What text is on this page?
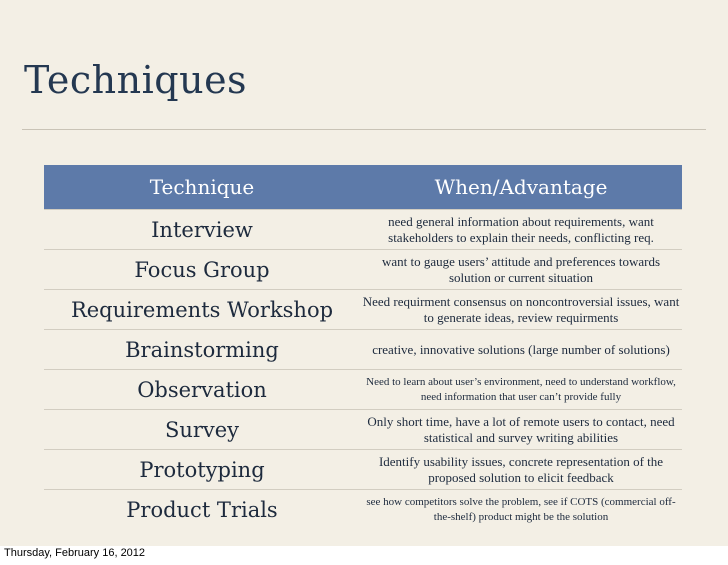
Techniques
Technique	When/Advantage
Interview	need general information about requirements, want stakeholders to explain their needs, conflicting req.
Focus Group	want to gauge users’ attitude and preferences towards solution or current situation
Requirements Workshop	Need requirment consensus on noncontroversial issues, want to generate ideas, review requirments
Brainstorming	creative, innovative solutions (large number of solutions)
Observation	Need to learn about user’s environment, need to understand workflow, need information that user can’t provide fully
Survey	Only short time, have a lot of remote users to contact, need statistical and survey writing abilities
Prototyping	Identify usability issues, concrete representation of the proposed solution to elicit feedback
Product Trials	see how competitors solve the problem, see if COTS (commercial off-the-shelf) product might be the solution
Thursday, February 16, 2012
